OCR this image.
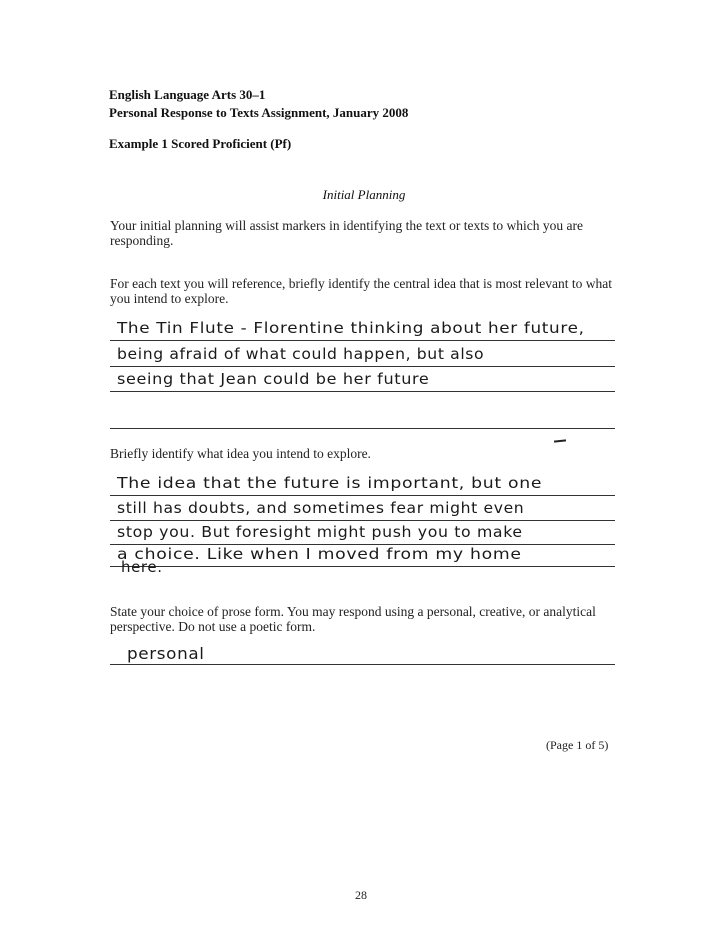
English Language Arts 30–1
Personal Response to Texts Assignment, January 2008
Example 1 Scored Proficient (Pf)
Initial Planning
Your initial planning will assist markers in identifying the text or texts to which you are responding.
For each text you will reference, briefly identify the central idea that is most relevant to what you intend to explore.
The Tin Flute - Florentine thinking about her future,
being afraid of what could happen, but also
seeing that Jean could be her future
Briefly identify what idea you intend to explore.
The idea that the future is important, but one
still has doubts, and sometimes fear might even
stop you. But foresight might push you to make
a choice. Like when I moved from my home
here.
State your choice of prose form. You may respond using a personal, creative, or analytical perspective. Do not use a poetic form.
personal
(Page 1 of 5)
28
